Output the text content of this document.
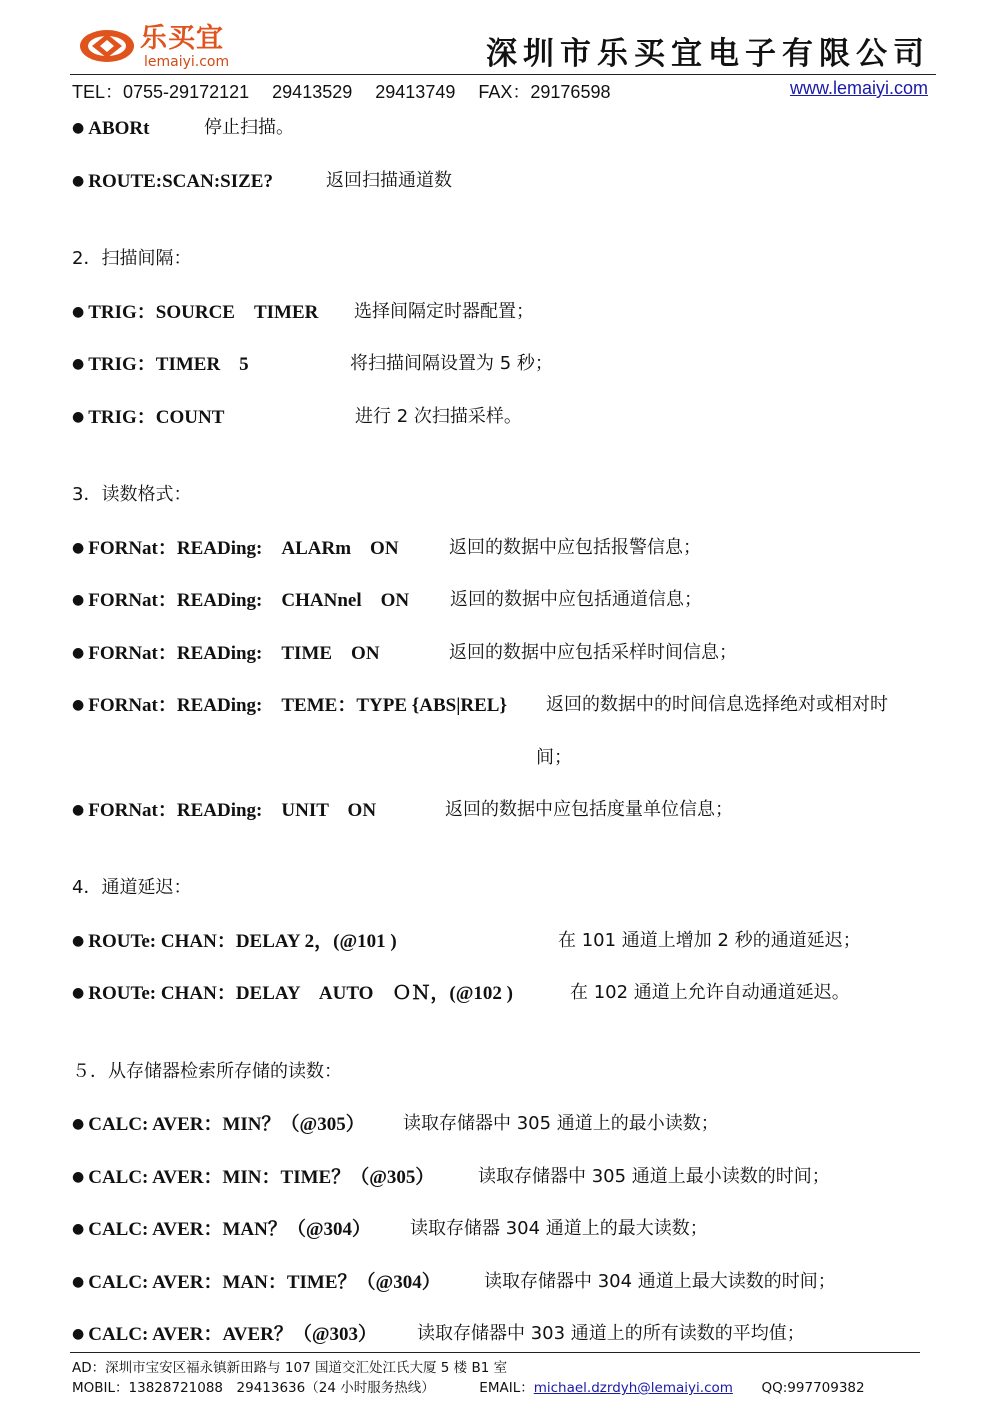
乐买宜
lemaiyi.com	深圳市乐买宜电子有限公司
TEL：0755-29172121 29413529 29413749 FAX：29176598	www.lemaiyi.com
● ABORt	停止扫描。
● ROUTE:SCAN:SIZE?	返回扫描通道数
2．扫描间隔：
● TRIG：SOURCE　TIMER 选择间隔定时器配置；
● TRIG：TIMER　5	将扫描间隔设置为 5 秒；
● TRIG：COUNT	进行 2 次扫描采样。
3．读数格式：
● FORNat：READing:　ALARm　ON	返回的数据中应包括报警信息；
● FORNat：READing:　CHANnel　ON 返回的数据中应包括通道信息；
● FORNat：READing:　TIME　ON	返回的数据中应包括采样时间信息；
● FORNat：READing:　TEME：TYPE {ABS|REL} 返回的数据中的时间信息选择绝对或相对时
间；
● FORNat：READing:　UNIT　ON	返回的数据中应包括度量单位信息；
4．通道延迟：
● ROUTe: CHAN：DELAY 2，(@101 )	在 101 通道上增加 2 秒的通道延迟；
● ROUTe: CHAN：DELAY　AUTO　ＯＮ，(@102 )	在 102 通道上允许自动通道延迟。
５．从存储器检索所存储的读数：
● CALC: AVER：MIN？（@305） 读取存储器中 305 通道上的最小读数；
● CALC: AVER：MIN：TIME？（@305） 读取存储器中 305 通道上最小读数的时间；
● CALC: AVER：MAN？（@304） 读取存储器 304 通道上的最大读数；
● CALC: AVER：MAN：TIME？（@304） 读取存储器中 304 通道上最大读数的时间；
● CALC: AVER：AVER？（@303） 读取存储器中 303 通道上的所有读数的平均值；
AD：深圳市宝安区福永镇新田路与 107 国道交汇处江氏大厦 5 楼 B1 室
MOBIL：13828721088　29413636（24 小时服务热线）	EMAIL：michael.dzrdyh@lemaiyi.com QQ:997709382
